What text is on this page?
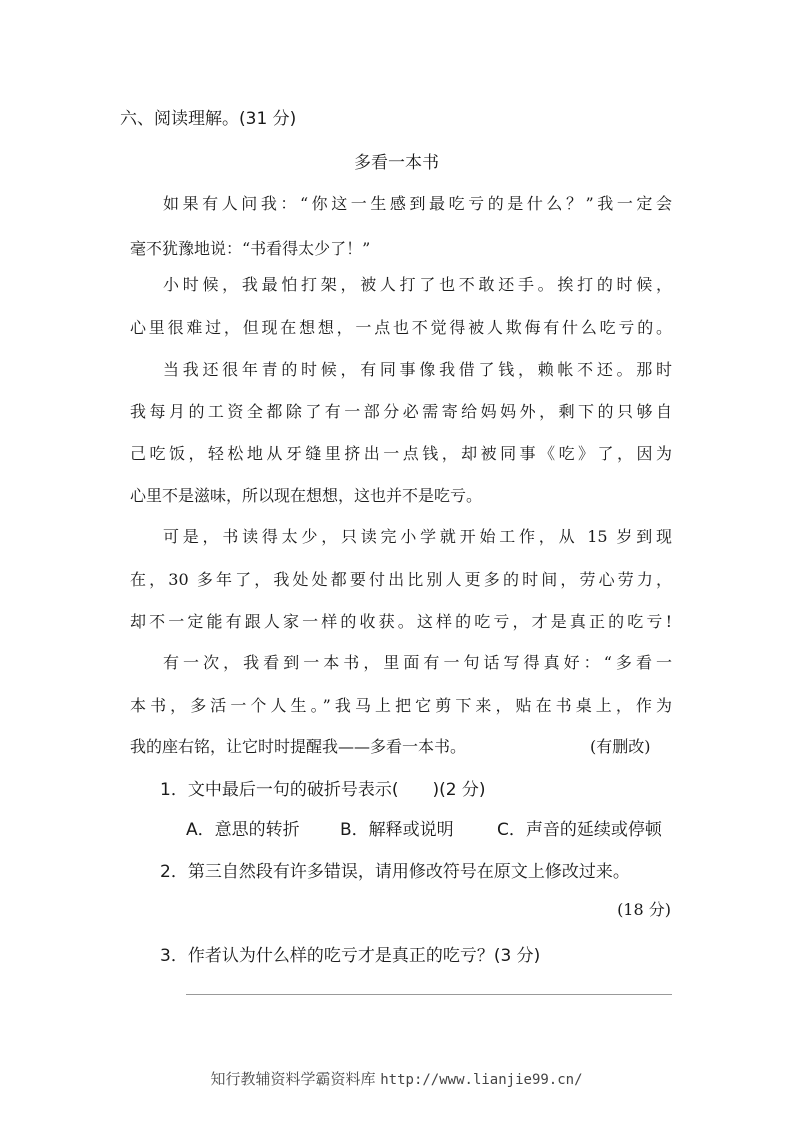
六、阅读理解。(31 分)
多看一本书
如果有人问我：“你这一生感到最吃亏的是什么？”我一定会
毫不犹豫地说：“书看得太少了！”
小时候，我最怕打架，被人打了也不敢还手。挨打的时候，
心里很难过，但现在想想，一点也不觉得被人欺侮有什么吃亏的。
当我还很年青的时候，有同事像我借了钱，赖帐不还。那时
我每月的工资全都除了有一部分必需寄给妈妈外，剩下的只够自
己吃饭，轻松地从牙缝里挤出一点钱，却被同事《吃》了，因为
心里不是滋味，所以现在想想，这也并不是吃亏。
可是，书读得太少，只读完小学就开始工作，从 15 岁到现
在，30 多年了，我处处都要付出比别人更多的时间，劳心劳力，
却不一定能有跟人家一样的收获。这样的吃亏，才是真正的吃亏!
有一次，我看到一本书，里面有一句话写得真好：“多看一
本书，多活一个人生。”我马上把它剪下来，贴在书桌上，作为
我的座右铭，让它时时提醒我——多看一本书。	(有删改)
1．文中最后一句的破折号表示(　　)(2 分)
A．意思的转折 B．解释或说明	C．声音的延续或停顿
2．第三自然段有许多错误，请用修改符号在原文上修改过来。
(18 分)
3．作者认为什么样的吃亏才是真正的吃亏？(3 分)
知行教辅资料学霸资料库 http://www.lianjie99.cn/
